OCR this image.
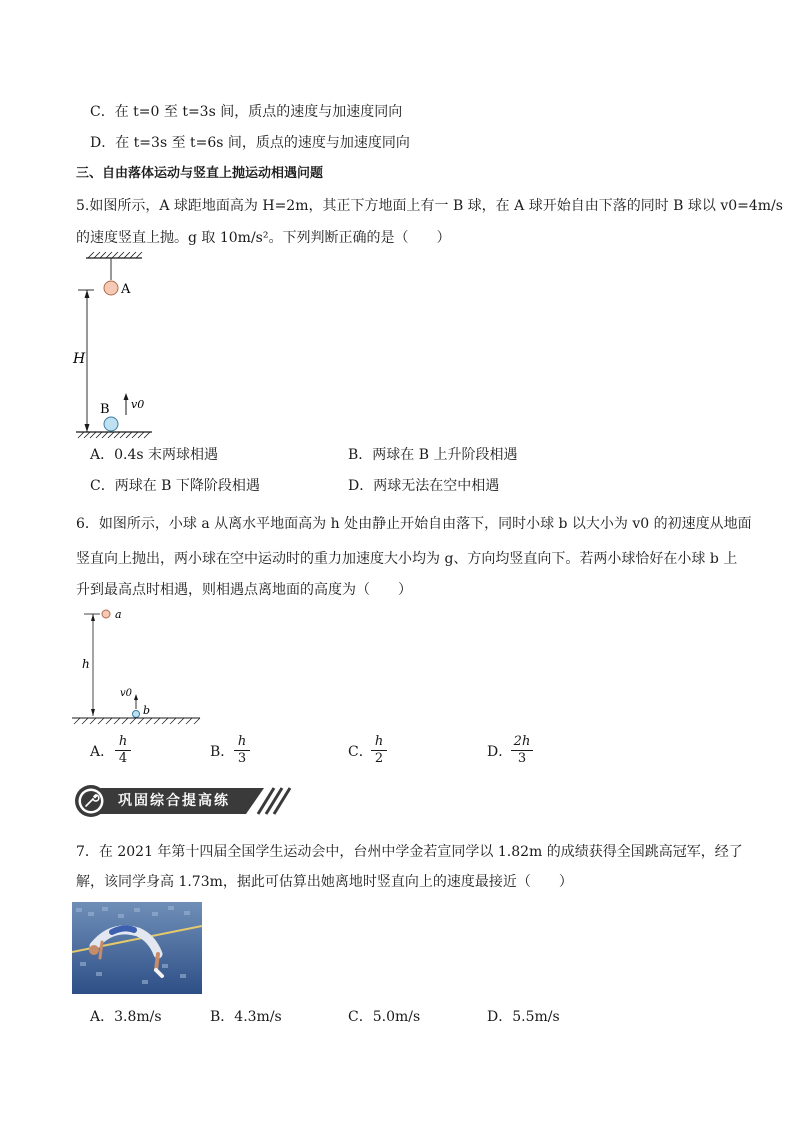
C．在 t=0 至 t=3s 间，质点的速度与加速度同向
D．在 t=3s 至 t=6s 间，质点的速度与加速度同向
三、自由落体运动与竖直上抛运动相遇问题
5.如图所示，A 球距地面高为 H=2m，其正下方地面上有一 B 球，在 A 球开始自由下落的同时 B 球以 v0=4m/s
的速度竖直上抛。g 取 10m/s²。下列判断正确的是（　　）
A
H
B v0
A．0.4s 末两球相遇	B．两球在 B 上升阶段相遇
C．两球在 B 下降阶段相遇	D．两球无法在空中相遇
6．如图所示，小球 a 从离水平地面高为 h 处由静止开始自由落下，同时小球 b 以大小为 v0 的初速度从地面
竖直向上抛出，两小球在空中运动时的重力加速度大小均为 g、方向均竖直向下。若两小球恰好在小球 b 上
升到最高点时相遇，则相遇点离地面的高度为（　　）
a
h
b
v0
A．
h
4	B．
h
3	C．
h
2	D．
2h
3
巩固综合提高练
7．在 2021 年第十四届全国学生运动会中，台州中学金若宣同学以 1.82m 的成绩获得全国跳高冠军，经了
解，该同学身高 1.73m，据此可估算出她离地时竖直向上的速度最接近（　　）
A．3.8m/s	B．4.3m/s	C．5.0m/s	D．5.5m/s
